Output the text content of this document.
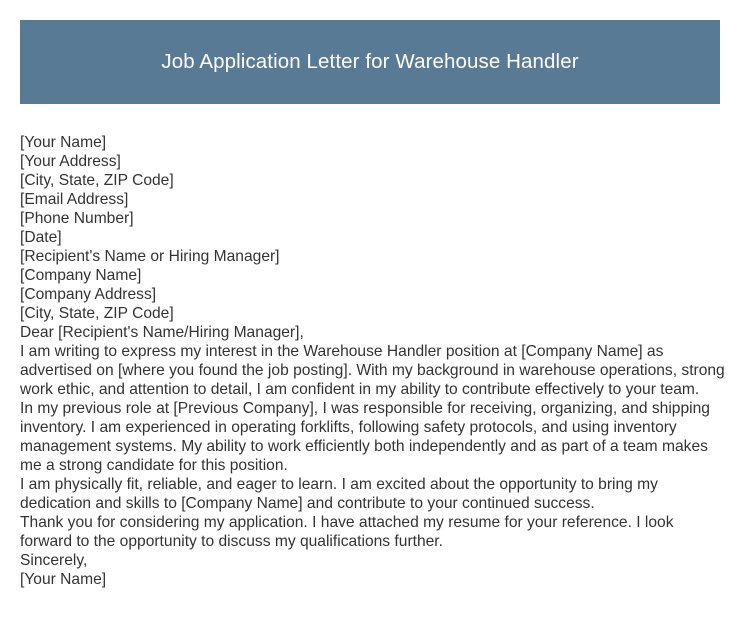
Job Application Letter for Warehouse Handler
[Your Name]
[Your Address]
[City, State, ZIP Code]
[Email Address]
[Phone Number]
[Date]
[Recipient's Name or Hiring Manager]
[Company Name]
[Company Address]
[City, State, ZIP Code]
Dear [Recipient's Name/Hiring Manager],

I am writing to express my interest in the Warehouse Handler position at [Company Name] as advertised on [where you found the job posting]. With my background in warehouse operations, strong work ethic, and attention to detail, I am confident in my ability to contribute effectively to your team.

In my previous role at [Previous Company], I was responsible for receiving, organizing, and shipping inventory. I am experienced in operating forklifts, following safety protocols, and using inventory management systems. My ability to work efficiently both independently and as part of a team makes me a strong candidate for this position.

I am physically fit, reliable, and eager to learn. I am excited about the opportunity to bring my dedication and skills to [Company Name] and contribute to your continued success.

Thank you for considering my application. I have attached my resume for your reference. I look forward to the opportunity to discuss my qualifications further.

Sincerely,
[Your Name]
